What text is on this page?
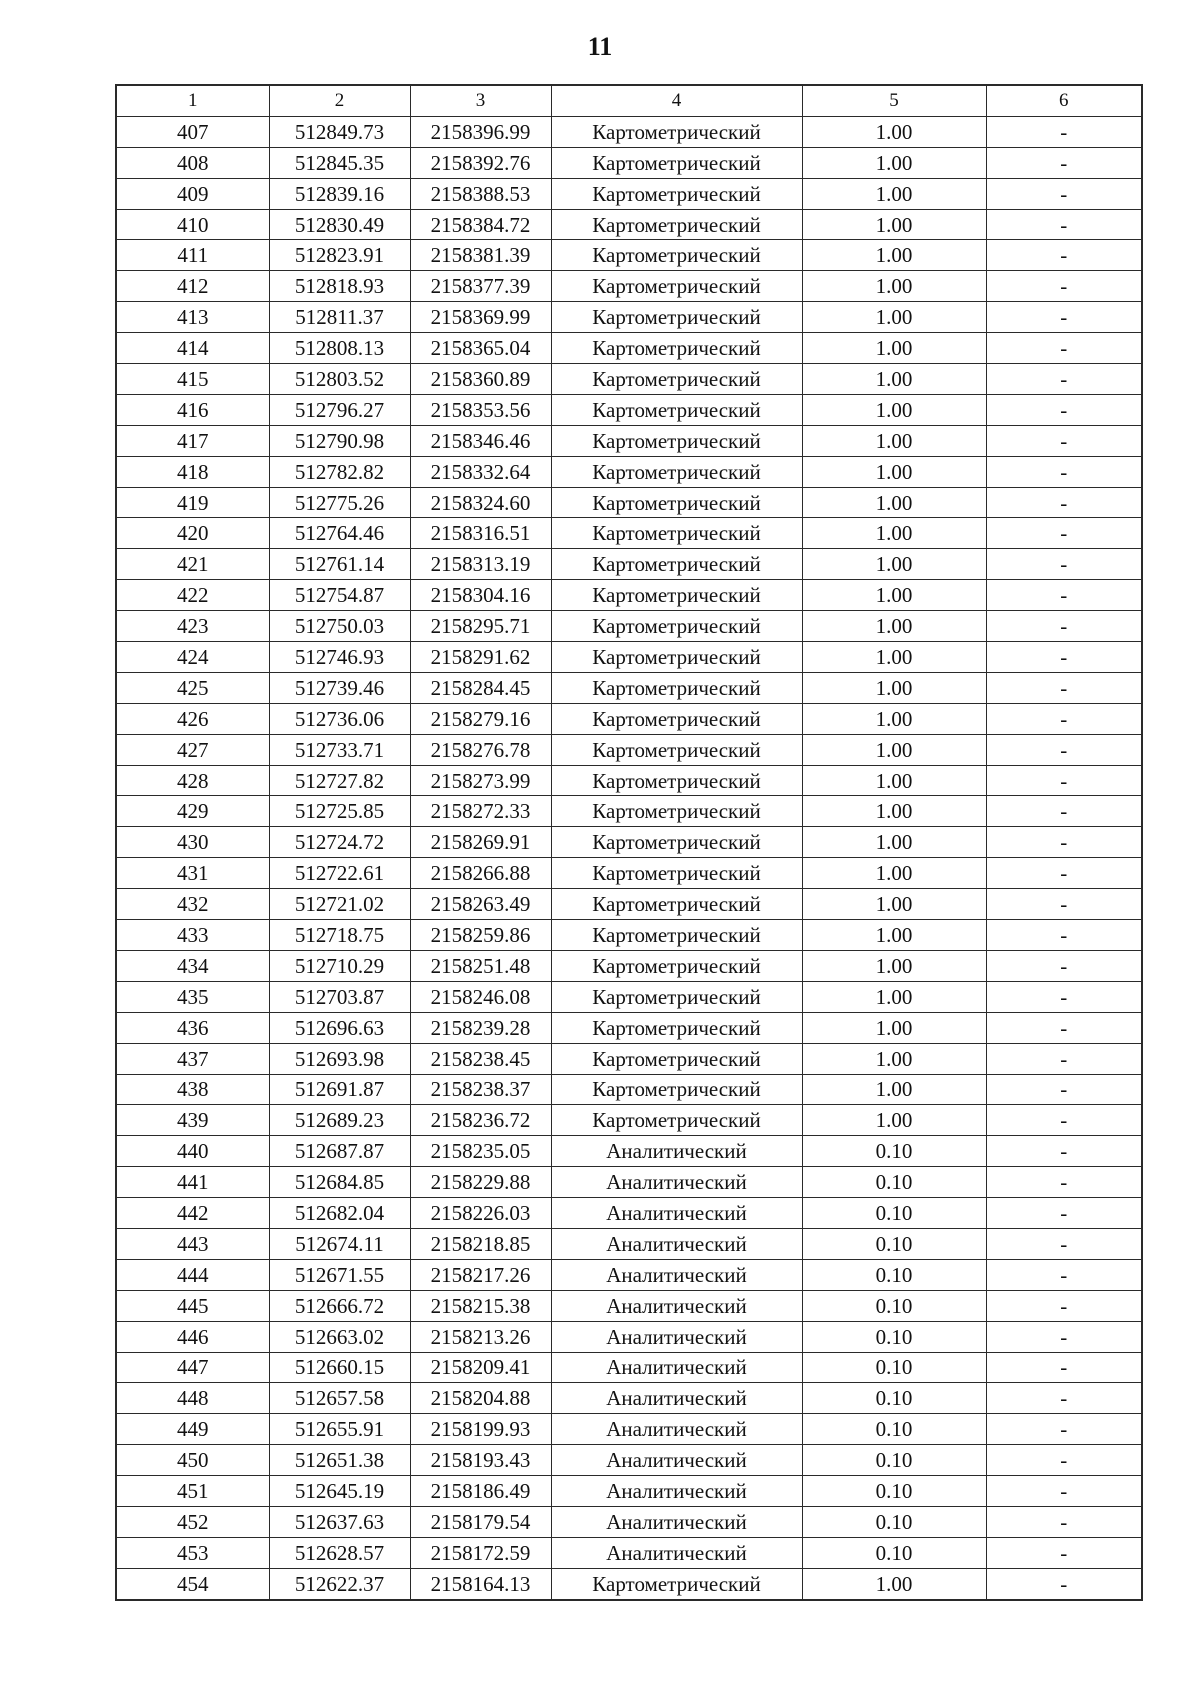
11
1	2	3	4	5	6
407	512849.73	2158396.99	Картометрический	1.00	-
408	512845.35	2158392.76	Картометрический	1.00	-
409	512839.16	2158388.53	Картометрический	1.00	-
410	512830.49	2158384.72	Картометрический	1.00	-
411	512823.91	2158381.39	Картометрический	1.00	-
412	512818.93	2158377.39	Картометрический	1.00	-
413	512811.37	2158369.99	Картометрический	1.00	-
414	512808.13	2158365.04	Картометрический	1.00	-
415	512803.52	2158360.89	Картометрический	1.00	-
416	512796.27	2158353.56	Картометрический	1.00	-
417	512790.98	2158346.46	Картометрический	1.00	-
418	512782.82	2158332.64	Картометрический	1.00	-
419	512775.26	2158324.60	Картометрический	1.00	-
420	512764.46	2158316.51	Картометрический	1.00	-
421	512761.14	2158313.19	Картометрический	1.00	-
422	512754.87	2158304.16	Картометрический	1.00	-
423	512750.03	2158295.71	Картометрический	1.00	-
424	512746.93	2158291.62	Картометрический	1.00	-
425	512739.46	2158284.45	Картометрический	1.00	-
426	512736.06	2158279.16	Картометрический	1.00	-
427	512733.71	2158276.78	Картометрический	1.00	-
428	512727.82	2158273.99	Картометрический	1.00	-
429	512725.85	2158272.33	Картометрический	1.00	-
430	512724.72	2158269.91	Картометрический	1.00	-
431	512722.61	2158266.88	Картометрический	1.00	-
432	512721.02	2158263.49	Картометрический	1.00	-
433	512718.75	2158259.86	Картометрический	1.00	-
434	512710.29	2158251.48	Картометрический	1.00	-
435	512703.87	2158246.08	Картометрический	1.00	-
436	512696.63	2158239.28	Картометрический	1.00	-
437	512693.98	2158238.45	Картометрический	1.00	-
438	512691.87	2158238.37	Картометрический	1.00	-
439	512689.23	2158236.72	Картометрический	1.00	-
440	512687.87	2158235.05	Аналитический	0.10	-
441	512684.85	2158229.88	Аналитический	0.10	-
442	512682.04	2158226.03	Аналитический	0.10	-
443	512674.11	2158218.85	Аналитический	0.10	-
444	512671.55	2158217.26	Аналитический	0.10	-
445	512666.72	2158215.38	Аналитический	0.10	-
446	512663.02	2158213.26	Аналитический	0.10	-
447	512660.15	2158209.41	Аналитический	0.10	-
448	512657.58	2158204.88	Аналитический	0.10	-
449	512655.91	2158199.93	Аналитический	0.10	-
450	512651.38	2158193.43	Аналитический	0.10	-
451	512645.19	2158186.49	Аналитический	0.10	-
452	512637.63	2158179.54	Аналитический	0.10	-
453	512628.57	2158172.59	Аналитический	0.10	-
454	512622.37	2158164.13	Картометрический	1.00	-
